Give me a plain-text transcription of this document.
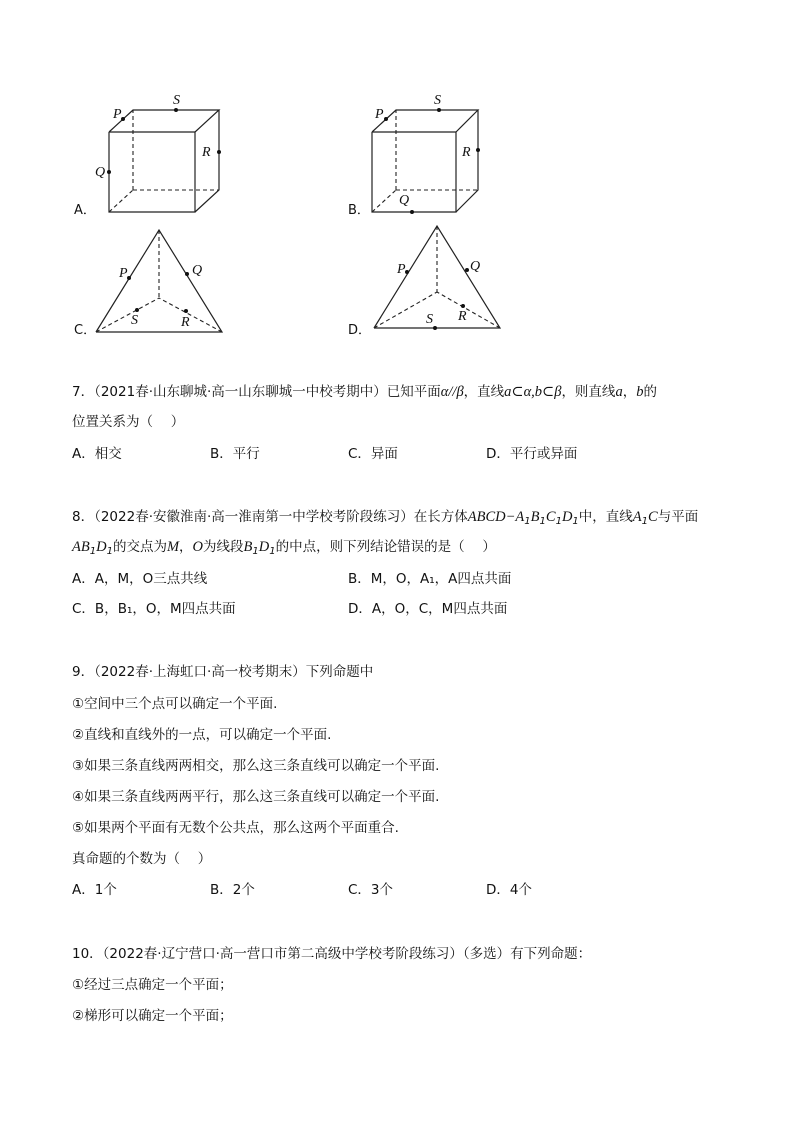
A．	B．
C．	D．
P
S
Q
R
P
S
Q
R
P	Q
S	R
P	Q
S R
7．（2021春·山东聊城·高一山东聊城一中校考期中）已知平面α//β，直线a⊂α,b⊂β，则直线a，b的
位置关系为（　 ）
A．相交	B．平行	C．异面	D．平行或异面
8．（2022春·安徽淮南·高一淮南第一中学校考阶段练习）在长方体$ABCD-A_1B_1C_1D_1$中，直线$A_1C$与平面
$AB_1D_1$的交点为M，O为线段$B_1D_1$的中点，则下列结论错误的是（　 ）
A．A，M，O三点共线	B．M，O，A₁，A四点共面
C．B，B₁，O，M四点共面	D．A，O，C，M四点共面
9．（2022春·上海虹口·高一校考期末）下列命题中
①空间中三个点可以确定一个平面.
②直线和直线外的一点，可以确定一个平面.
③如果三条直线两两相交，那么这三条直线可以确定一个平面.
④如果三条直线两两平行，那么这三条直线可以确定一个平面.
⑤如果两个平面有无数个公共点，那么这两个平面重合.
真命题的个数为（　 ）
A．1个	B．2个	C．3个	D．4个
10．（2022春·辽宁营口·高一营口市第二高级中学校考阶段练习）（多选）有下列命题：
①经过三点确定一个平面；
②梯形可以确定一个平面；
